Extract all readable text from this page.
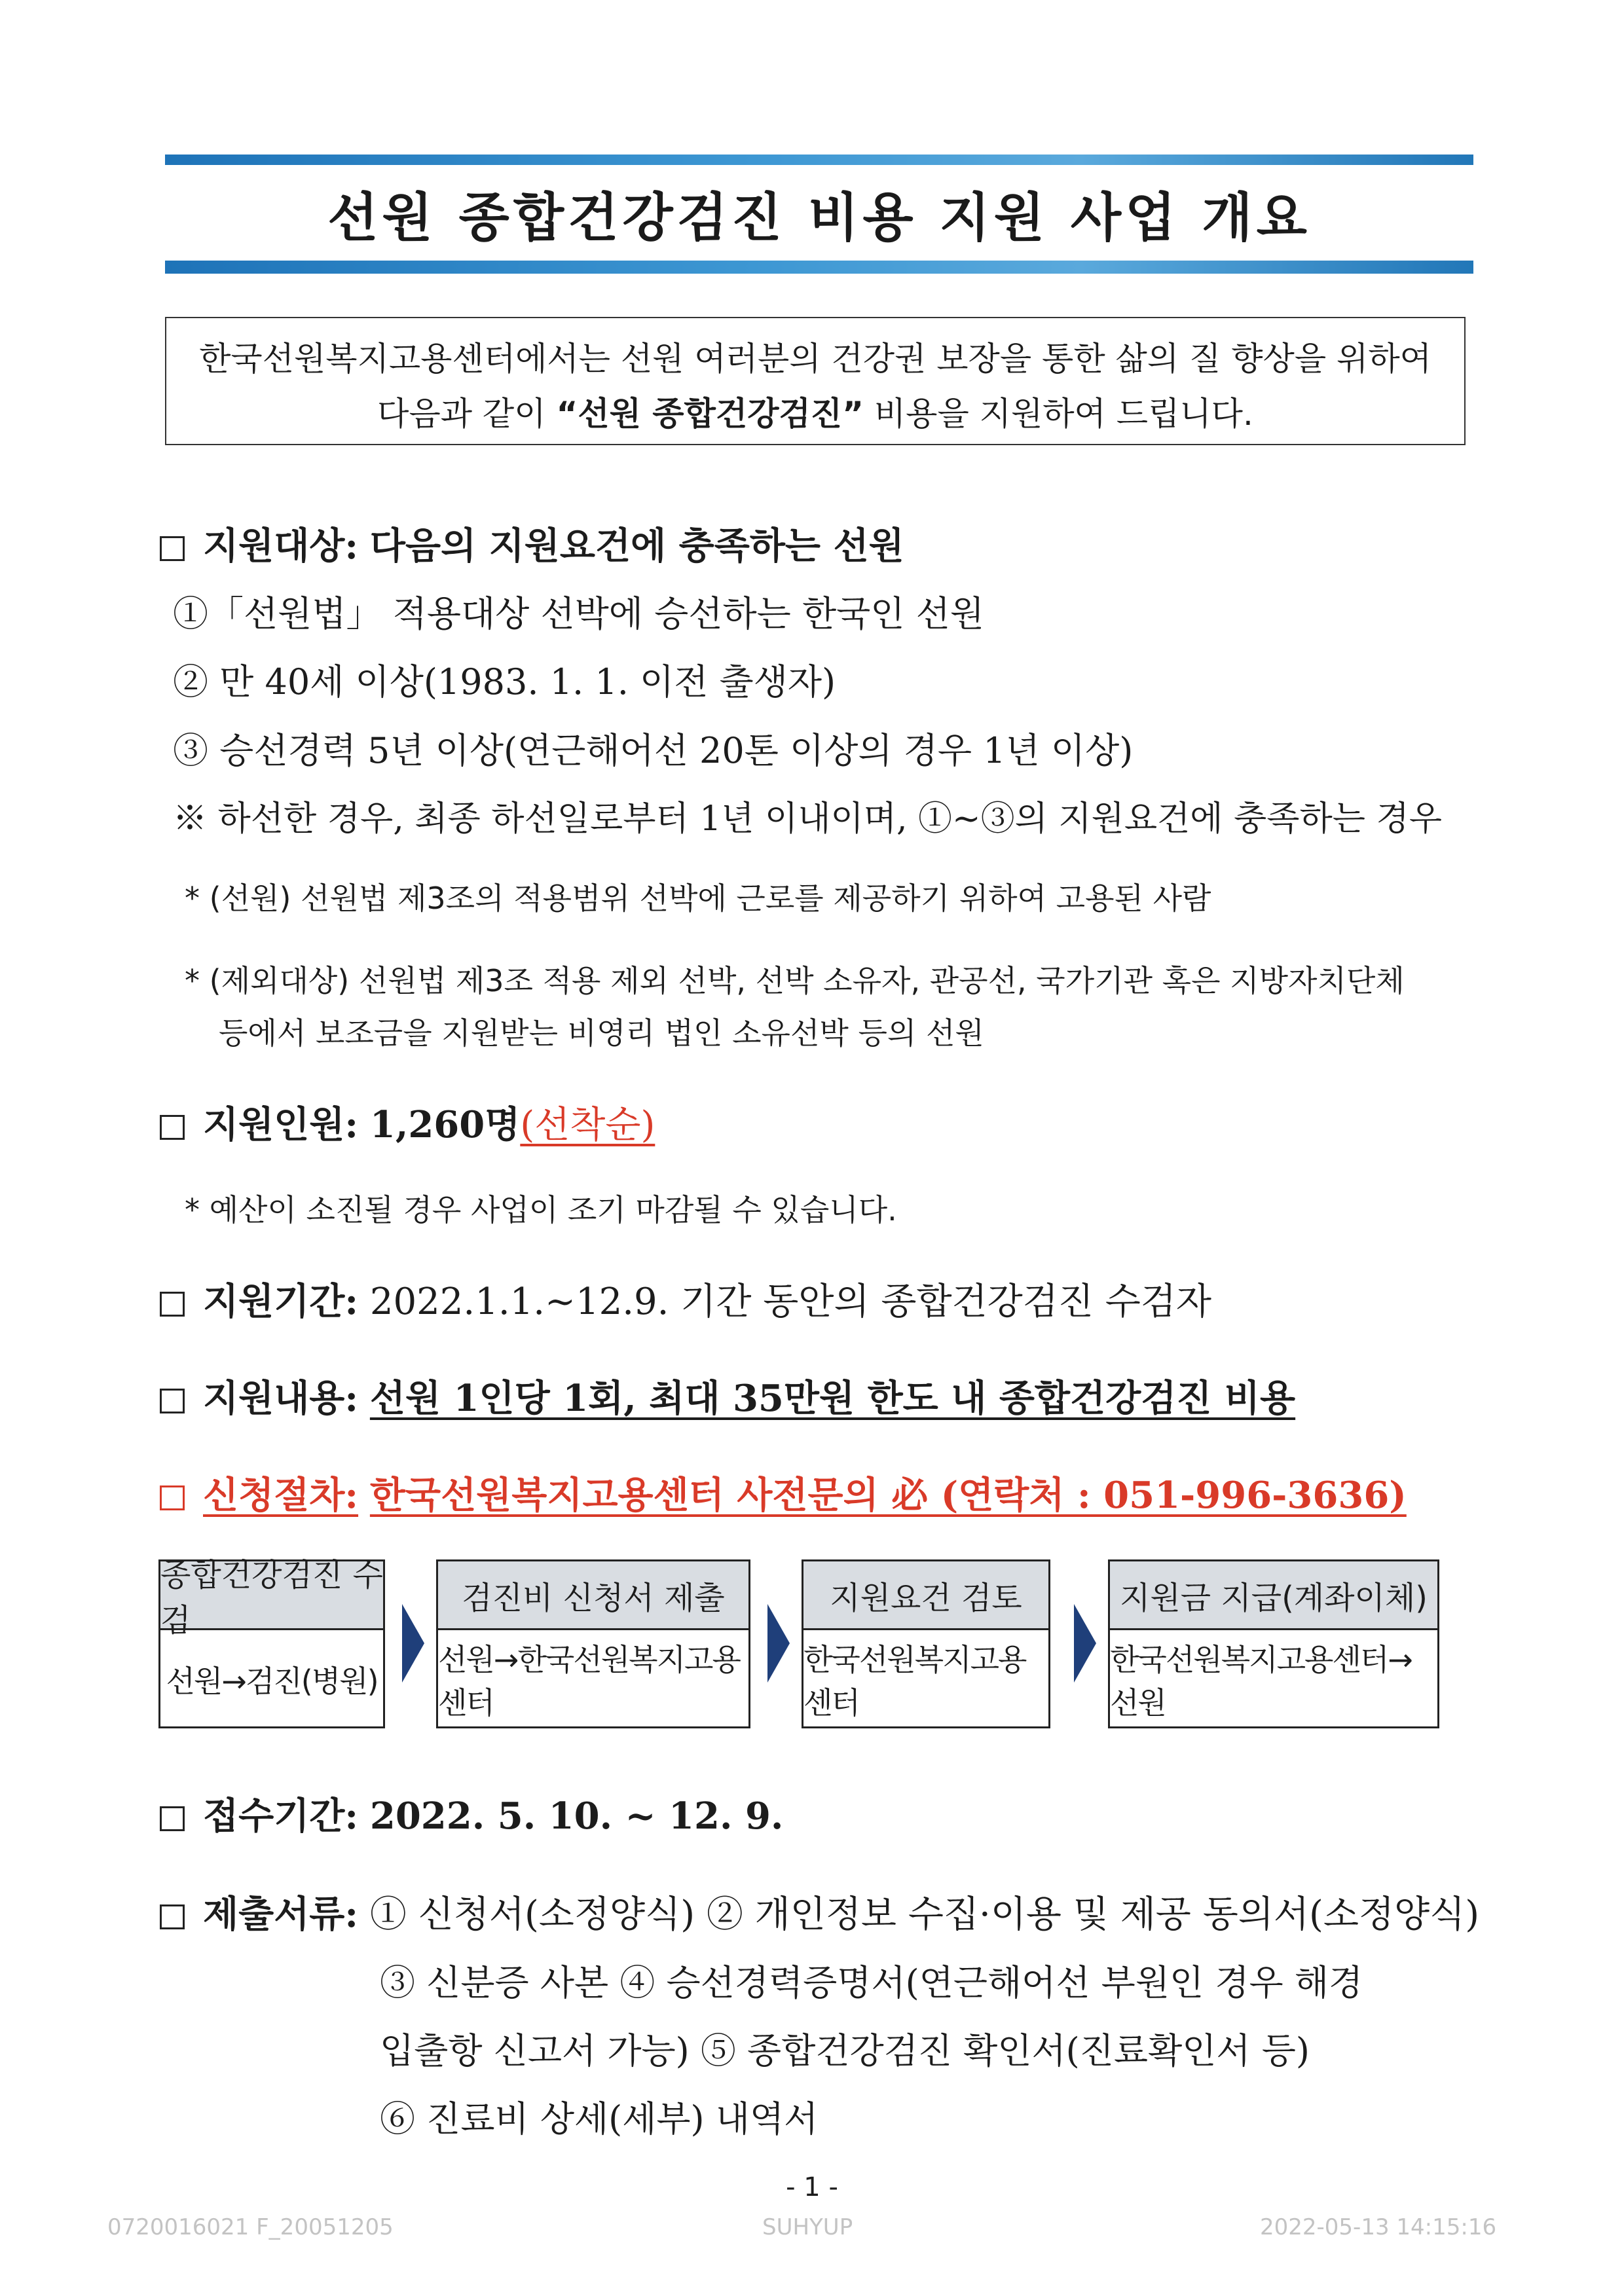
선원 종합건강검진 비용 지원 사업 개요
한국선원복지고용센터에서는 선원 여러분의 건강권 보장을 통한 삶의 질 향상을 위하여
다음과 같이 “선원 종합건강검진” 비용을 지원하여 드립니다.
지원대상: 다음의 지원요건에 충족하는 선원
①「선원법」 적용대상 선박에 승선하는 한국인 선원
② 만 40세 이상(1983. 1. 1. 이전 출생자)
③ 승선경력 5년 이상(연근해어선 20톤 이상의 경우 1년 이상)
※ 하선한 경우, 최종 하선일로부터 1년 이내이며, ①~③의 지원요건에 충족하는 경우
* (선원) 선원법 제3조의 적용범위 선박에 근로를 제공하기 위하여 고용된 사람
* (제외대상) 선원법 제3조 적용 제외 선박, 선박 소유자, 관공선, 국가기관 혹은 지방자치단체
등에서 보조금을 지원받는 비영리 법인 소유선박 등의 선원
지원인원: 1,260명(선착순)
* 예산이 소진될 경우 사업이 조기 마감될 수 있습니다.
지원기간: 2022.1.1.~12.9. 기간 동안의 종합건강검진 수검자
지원내용: 선원 1인당 1회, 최대 35만원 한도 내 종합건강검진 비용
신청절차: 한국선원복지고용센터 사전문의 必 (연락처 : 051-996-3636)
종합건강검진 수검
선원→검진(병원)
검진비 신청서 제출
선원→한국선원복지고용센터
지원요건 검토
한국선원복지고용센터
지원금 지급(계좌이체)
한국선원복지고용센터→선원
접수기간: 2022. 5. 10. ~ 12. 9.
제출서류: ① 신청서(소정양식) ② 개인정보 수집·이용 및 제공 동의서(소정양식)
③ 신분증 사본 ④ 승선경력증명서(연근해어선 부원인 경우 해경
입출항 신고서 가능) ⑤ 종합건강검진 확인서(진료확인서 등)
⑥ 진료비 상세(세부) 내역서
- 1 -
0720016021 F_20051205	SUHYUP	2022-05-13 14:15:16
